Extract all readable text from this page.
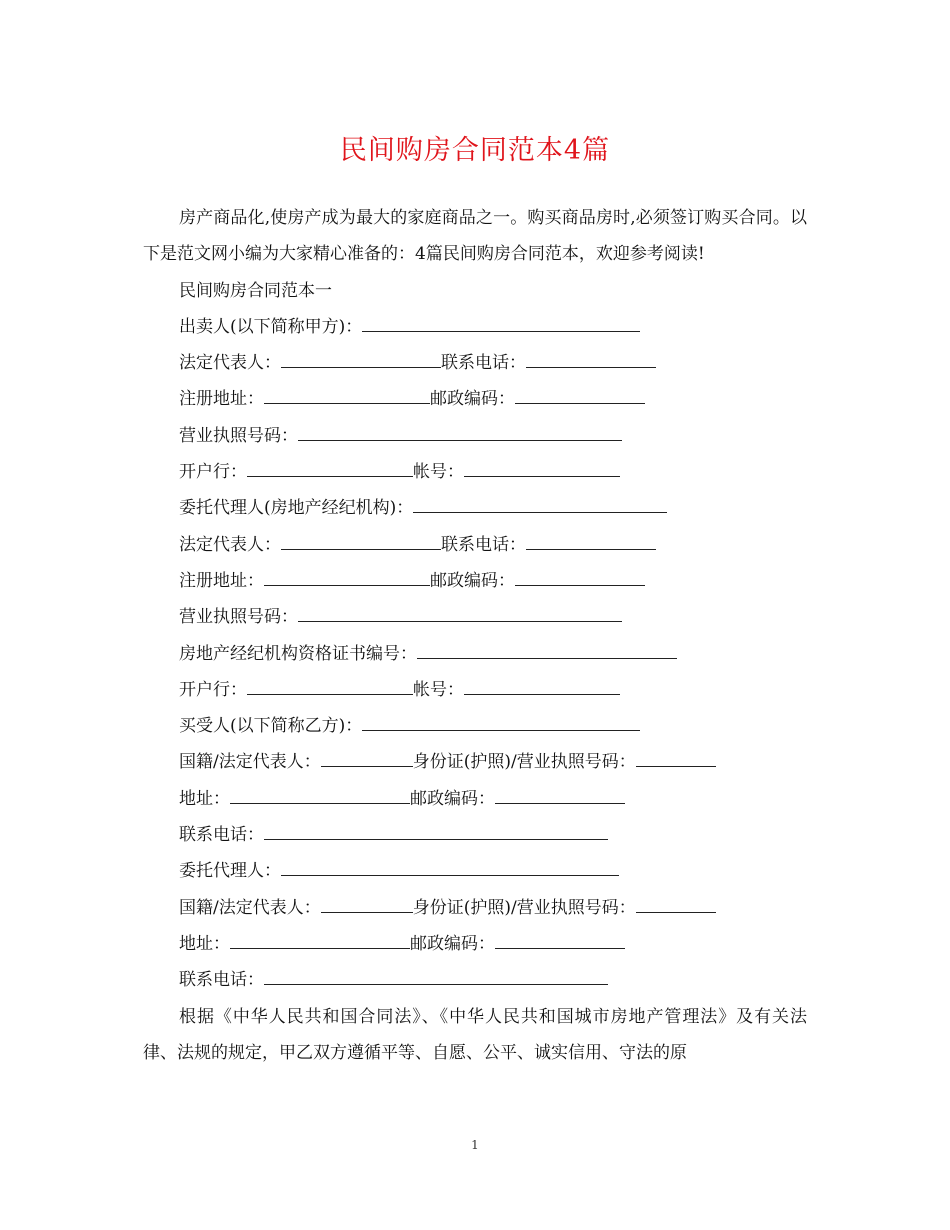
民间购房合同范本4篇

房产商品化,使房产成为最大的家庭商品之一。购买商品房时,必须签订购买合同。以下是范文网小编为大家精心准备的：4篇民间购房合同范本，欢迎参考阅读!

民间购房合同范本一

出卖人(以下简称甲方)：

法定代表人：	联系电话：

注册地址：	邮政编码：

营业执照号码：

开户行：	帐号：

委托代理人(房地产经纪机构)：

法定代表人：	联系电话：

注册地址：	邮政编码：

营业执照号码：

房地产经纪机构资格证书编号：

开户行：	帐号：

买受人(以下简称乙方)：

国籍/法定代表人：	身份证(护照)/营业执照号码：

地址：	邮政编码：

联系电话：

委托代理人：

国籍/法定代表人：	身份证(护照)/营业执照号码：

地址：	邮政编码：

联系电话：

根据《中华人民共和国合同法》、《中华人民共和国城市房地产管理法》及有关法律、法规的规定，甲乙双方遵循平等、自愿、公平、诚实信用、守法的原

1
